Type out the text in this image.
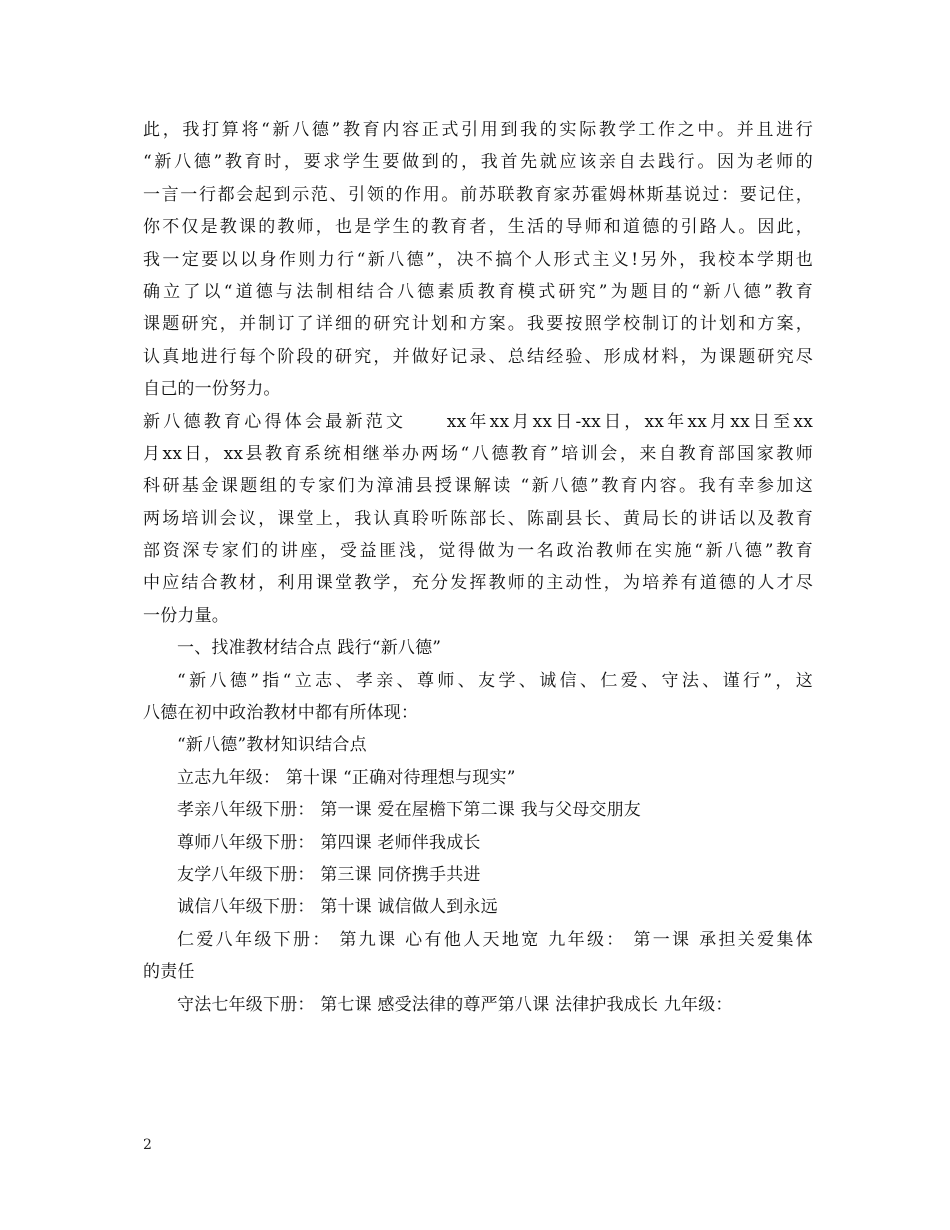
此，我打算将“新八德”教育内容正式引用到我的实际教学工作之中。并且进行
“新八德”教育时，要求学生要做到的，我首先就应该亲自去践行。因为老师的
一言一行都会起到示范、引领的作用。前苏联教育家苏霍姆林斯基说过：要记住，
你不仅是教课的教师，也是学生的教育者，生活的导师和道德的引路人。因此，
我一定要以以身作则力行“新八德”，决不搞个人形式主义!另外，我校本学期也
确立了以“道德与法制相结合八德素质教育模式研究”为题目的“新八德”教育
课题研究，并制订了详细的研究计划和方案。我要按照学校制订的计划和方案，
认真地进行每个阶段的研究，并做好记录、总结经验、形成材料，为课题研究尽
自己的一份努力。
新八德教育心得体会最新范文　　xx年xx月xx日-xx日，xx年xx月xx日至xx
月xx日，xx县教育系统相继举办两场“八德教育”培训会，来自教育部国家教师
科研基金课题组的专家们为漳浦县授课解读 “新八德”教育内容。我有幸参加这
两场培训会议，课堂上，我认真聆听陈部长、陈副县长、黄局长的讲话以及教育
部资深专家们的讲座，受益匪浅，觉得做为一名政治教师在实施“新八德”教育
中应结合教材，利用课堂教学，充分发挥教师的主动性，为培养有道德的人才尽
一份力量。
一、找准教材结合点 践行“新八德”
“新八德”指“立志、孝亲、尊师、友学、诚信、仁爱、守法、谨行”，这
八德在初中政治教材中都有所体现：
“新八德”教材知识结合点
立志九年级： 第十课 “正确对待理想与现实”
孝亲八年级下册： 第一课 爱在屋檐下第二课 我与父母交朋友
尊师八年级下册： 第四课 老师伴我成长
友学八年级下册： 第三课 同侪携手共进
诚信八年级下册： 第十课 诚信做人到永远
仁爱八年级下册： 第九课 心有他人天地宽 九年级： 第一课 承担关爱集体
的责任
守法七年级下册： 第七课 感受法律的尊严第八课 法律护我成长 九年级：
2
